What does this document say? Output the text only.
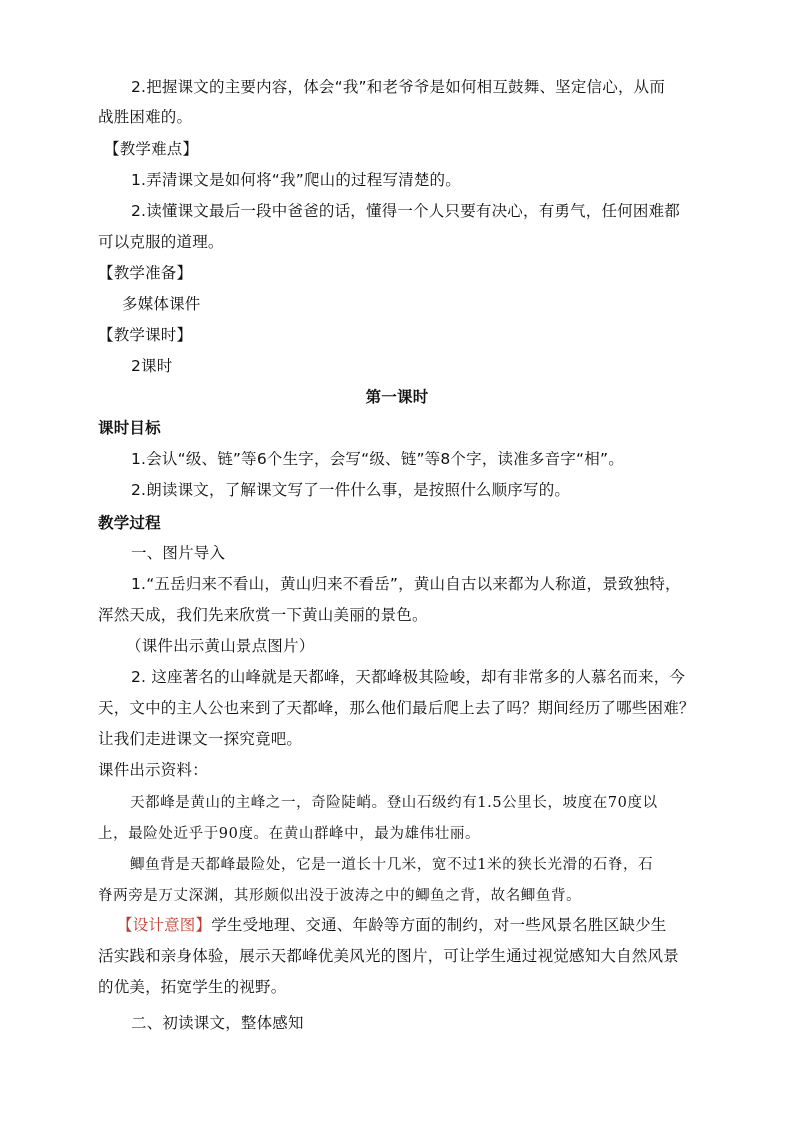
2.把握课文的主要内容，体会“我”和老爷爷是如何相互鼓舞、坚定信心，从而
战胜困难的。
【教学难点】
1.弄清课文是如何将“我”爬山的过程写清楚的。
2.读懂课文最后一段中爸爸的话，懂得一个人只要有决心，有勇气，任何困难都
可以克服的道理。
【教学准备】
多媒体课件
【教学课时】
2课时
第一课时
课时目标
1.会认“级、链”等6个生字，会写“级、链”等8个字，读准多音字“相”。
2.朗读课文，了解课文写了一件什么事，是按照什么顺序写的。
教学过程
一、图片导入
1.“五岳归来不看山，黄山归来不看岳”，黄山自古以来都为人称道，景致独特，
浑然天成，我们先来欣赏一下黄山美丽的景色。
（课件出示黄山景点图片）
2. 这座著名的山峰就是天都峰，天都峰极其险峻，却有非常多的人慕名而来，今
天，文中的主人公也来到了天都峰，那么他们最后爬上去了吗？期间经历了哪些困难？
让我们走进课文一探究竟吧。
课件出示资料：
天都峰是黄山的主峰之一，奇险陡峭。登山石级约有1.5公里长，坡度在70度以
上，最险处近乎于90度。在黄山群峰中，最为雄伟壮丽。
鲫鱼背是天都峰最险处，它是一道长十几米，宽不过1米的狭长光滑的石脊，石
脊两旁是万丈深渊，其形颇似出没于波涛之中的鲫鱼之背，故名鲫鱼背。
【设计意图】学生受地理、交通、年龄等方面的制约，对一些风景名胜区缺少生
活实践和亲身体验，展示天都峰优美风光的图片，可让学生通过视觉感知大自然风景
的优美，拓宽学生的视野。
二、初读课文，整体感知
